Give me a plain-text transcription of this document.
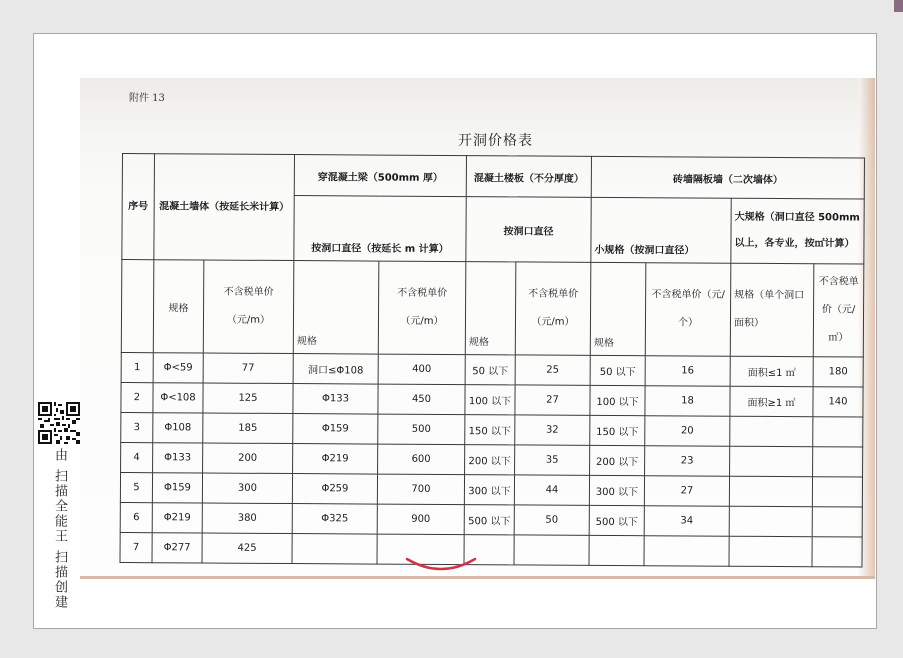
附件 13
开洞价格表
序号	混凝土墙体（按延长米计算）		穿混凝土梁（500mm 厚）		混凝土楼板（不分厚度）		砖墙隔板墙（二次墙体）			
			按洞口直径（按延长 m 计算）		按洞口直径		小规格（按洞口直径）		大规格（洞口直径 500mm 以上，各专业，按㎡计算）	
	规格	不含税单价（元/m）	规格	不含税单价（元/m）	规格	不含税单价（元/m）	规格	不含税单价（元/个）	规格（单个洞口面积）	不含税单价（元/㎡）
1	Φ<59	77	洞口≤Φ108	400	50 以下	25	50 以下	16	面积≤1 ㎡	180
2	Φ<108	125	Φ133	450	100 以下	27	100 以下	18	面积≥1 ㎡	140
3	Φ108	185	Φ159	500	150 以下	32	150 以下	20		
4	Φ133	200	Φ219	600	200 以下	35	200 以下	23		
5	Φ159	300	Φ259	700	300 以下	44	300 以下	27		
6	Φ219	380	Φ325	900	500 以下	50	500 以下	34		
7	Φ277	425								
由 扫描全能王 扫描创建
